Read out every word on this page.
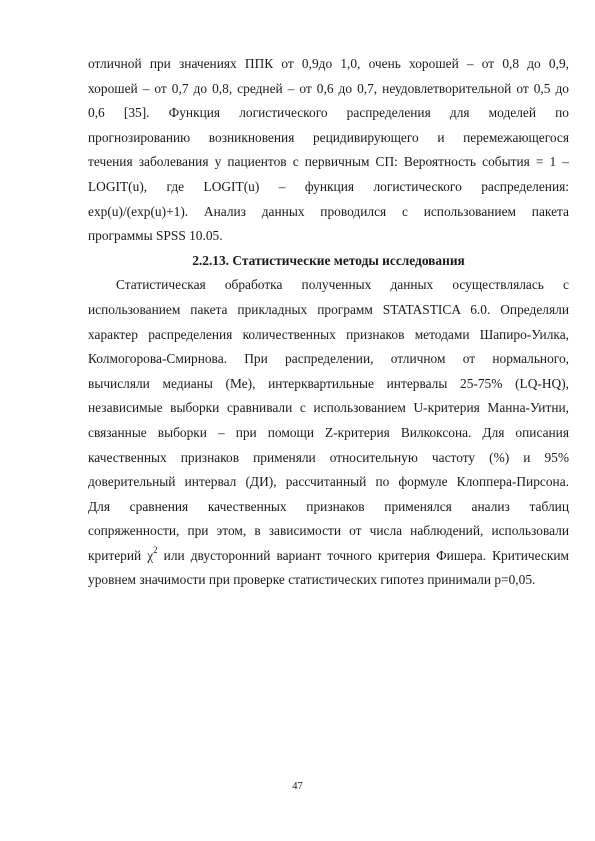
отличной при значениях ППК от 0,9до 1,0, очень хорошей – от 0,8 до 0,9,
хорошей – от 0,7 до 0,8, средней – от 0,6 до 0,7, неудовлетворительной от 0,5 до
0,6 [35]. Функция логистического распределения для моделей по
прогнозированию возникновения рецидивирующего и перемежающегося
течения заболевания у пациентов с первичным СП: Вероятность события = 1 –
LOGIT(u), где LOGIT(u) – функция логистического распределения:
exp(u)/(exp(u)+1). Анализ данных проводился с использованием пакета
программы SPSS 10.05.
2.2.13. Статистические методы исследования
Статистическая обработка полученных данных осуществлялась с
использованием пакета прикладных программ STATASTICA 6.0. Определяли
характер распределения количественных признаков методами Шапиро-Уилка,
Колмогорова-Смирнова. При распределении, отличном от нормального,
вычисляли медианы (Ме), интерквартильные интервалы 25-75% (LQ-HQ),
независимые выборки сравнивали с использованием U-критерия Манна-Уитни,
связанные выборки – при помощи Z-критерия Вилкоксона. Для описания
качественных признаков применяли относительную частоту (%) и 95%
доверительный интервал (ДИ), рассчитанный по формуле Клоппера-Пирсона.
Для сравнения качественных признаков применялся анализ таблиц
сопряженности, при этом, в зависимости от числа наблюдений, использовали
критерий $\chi^2$ или двусторонний вариант точного критерия Фишера. Критическим
уровнем значимости при проверке статистических гипотез принимали p=0,05.
47
